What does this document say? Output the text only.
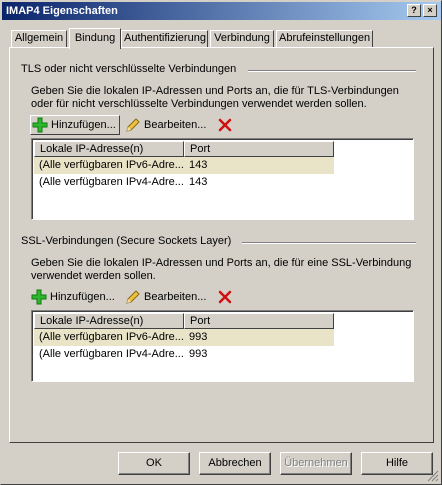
IMAP4 Eigenschaften	?	×
Allgemein	Bindung Authentifizierung Verbindung Abrufeinstellungen
TLS oder nicht verschlüsselte Verbindungen
Geben Sie die lokalen IP-Adressen und Ports an, die für TLS-Verbindungen oder für nicht verschlüsselte Verbindungen verwendet werden sollen.
Hinzufügen...	Bearbeiten...
Lokale IP-Adresse(n)	Port
(Alle verfügbaren IPv6-Adre... 143
(Alle verfügbaren IPv4-Adre... 143
SSL-Verbindungen (Secure Sockets Layer)
Geben Sie die lokalen IP-Adressen und Ports an, die für eine SSL-Verbindung verwendet werden sollen.
Hinzufügen...	Bearbeiten...
Lokale IP-Adresse(n)	Port
(Alle verfügbaren IPv6-Adre... 993
(Alle verfügbaren IPv4-Adre... 993
OK	Abbrechen	Übernehmen	Hilfe
